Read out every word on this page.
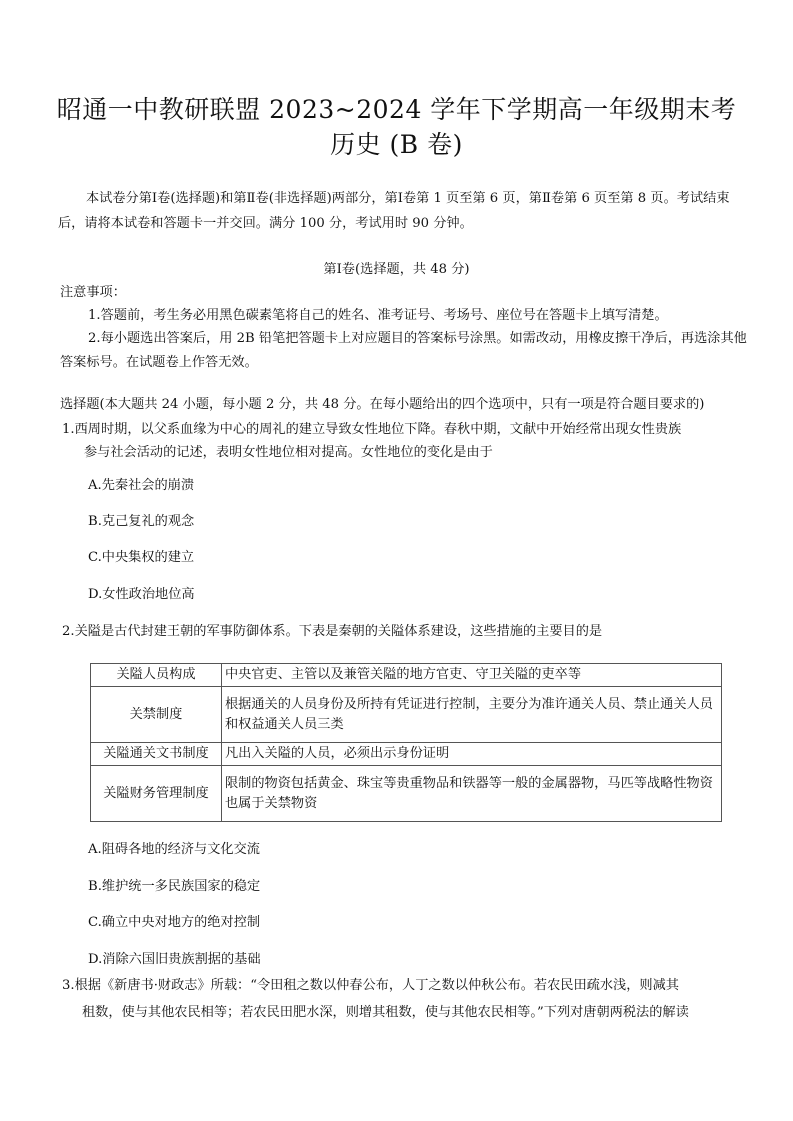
昭通一中教研联盟 2023~2024 学年下学期高一年级期末考
历史 (B 卷)
本试卷分第Ⅰ卷(选择题)和第Ⅱ卷(非选择题)两部分，第Ⅰ卷第 1 页至第 6 页，第Ⅱ卷第 6 页至第 8 页。考试结束后，请将本试卷和答题卡一并交回。满分 100 分，考试用时 90 分钟。
第Ⅰ卷(选择题，共 48 分)
注意事项：
1.答题前，考生务必用黑色碳素笔将自己的姓名、准考证号、考场号、座位号在答题卡上填写清楚。
2.每小题选出答案后，用 2B 铅笔把答题卡上对应题目的答案标号涂黑。如需改动，用橡皮擦干净后，再选涂其他答案标号。在试题卷上作答无效。
选择题(本大题共 24 小题，每小题 2 分，共 48 分。在每小题给出的四个选项中，只有一项是符合题目要求的)
1.西周时期，以父系血缘为中心的周礼的建立导致女性地位下降。春秋中期，文献中开始经常出现女性贵族
参与社会活动的记述，表明女性地位相对提高。女性地位的变化是由于
A.先秦社会的崩溃
B.克己复礼的观念
C.中央集权的建立
D.女性政治地位高
2.关隘是古代封建王朝的军事防御体系。下表是秦朝的关隘体系建设，这些措施的主要目的是
关隘人员构成	中央官吏、主管以及兼管关隘的地方官吏、守卫关隘的吏卒等
关禁制度	根据通关的人员身份及所持有凭证进行控制，主要分为准许通关人员、禁止通关人员和权益通关人员三类
关隘通关文书制度	凡出入关隘的人员，必须出示身份证明
关隘财务管理制度	限制的物资包括黄金、珠宝等贵重物品和铁器等一般的金属器物，马匹等战略性物资也属于关禁物资
A.阻碍各地的经济与文化交流
B.维护统一多民族国家的稳定
C.确立中央对地方的绝对控制
D.消除六国旧贵族割据的基础
3.根据《新唐书·财政志》所载：“令田租之数以仲春公布，人丁之数以仲秋公布。若农民田疏水浅，则减其
租数，使与其他农民相等；若农民田肥水深，则增其租数，使与其他农民相等。”下列对唐朝两税法的解读
